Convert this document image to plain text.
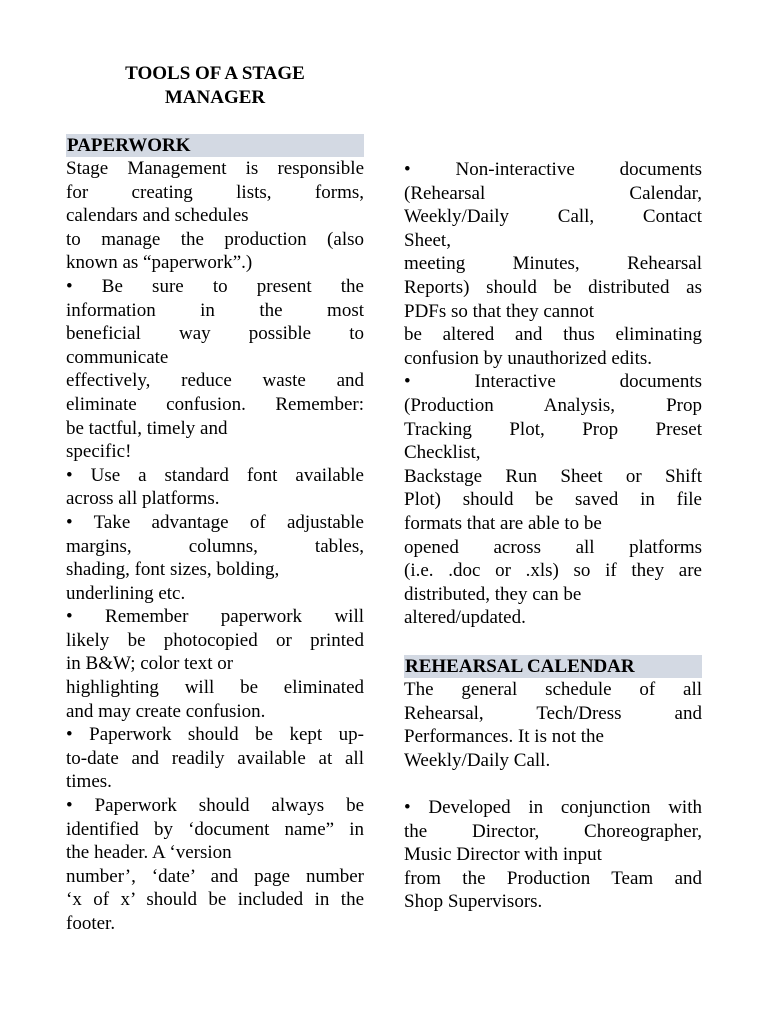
TOOLS OF A STAGE
MANAGER
PAPERWORK
Stage Management is responsible
for creating lists, forms,
calendars and schedules
to manage the production (also
known as “paperwork”.)
• Be sure to present the
information in the most
beneficial way possible to
communicate
effectively, reduce waste and
eliminate confusion. Remember:
be tactful, timely and
specific!
• Use a standard font available
across all platforms.
• Take advantage of adjustable
margins, columns, tables,
shading, font sizes, bolding,
underlining etc.
• Remember paperwork will
likely be photocopied or printed
in B&W; color text or
highlighting will be eliminated
and may create confusion.
• Paperwork should be kept up-
to-date and readily available at all
times.
• Paperwork should always be
identified by ‘document name” in
the header. A ‘version
number’, ‘date’ and page number
‘x of x’ should be included in the
footer.
• Non-interactive documents
(Rehearsal Calendar,
Weekly/Daily Call, Contact
Sheet,
meeting Minutes, Rehearsal
Reports) should be distributed as
PDFs so that they cannot
be altered and thus eliminating
confusion by unauthorized edits.
• Interactive documents
(Production Analysis, Prop
Tracking Plot, Prop Preset
Checklist,
Backstage Run Sheet or Shift
Plot) should be saved in file
formats that are able to be
opened across all platforms
(i.e. .doc or .xls) so if they are
distributed, they can be
altered/updated.
REHEARSAL CALENDAR
The general schedule of all
Rehearsal, Tech/Dress and
Performances. It is not the
Weekly/Daily Call.
• Developed in conjunction with
the Director, Choreographer,
Music Director with input
from the Production Team and
Shop Supervisors.
